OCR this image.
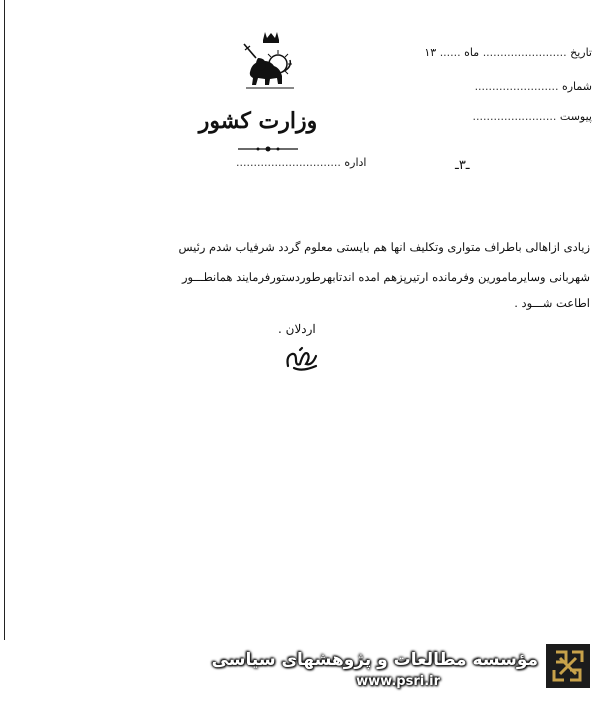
وزارت کشور
اداره ..............................
تاریخ ........................ ماه ...... ۱۳
شماره ........................
پیوست ........................
ـ۳ـ
زیادی ازاهالی باطراف متواری وتکلیف انها هم بایستی معلوم گردد شرفیاب شدم رئیس
شهربانی وسایرمامورین وفرمانده ارتیرپزهم امده اندتابهرطوردستورفرمایند همانطـــور
اطاعت شـــود .
اردلان .
مؤسسه مطالعات و پژوهشهای سیاسی
www.psri.ir
